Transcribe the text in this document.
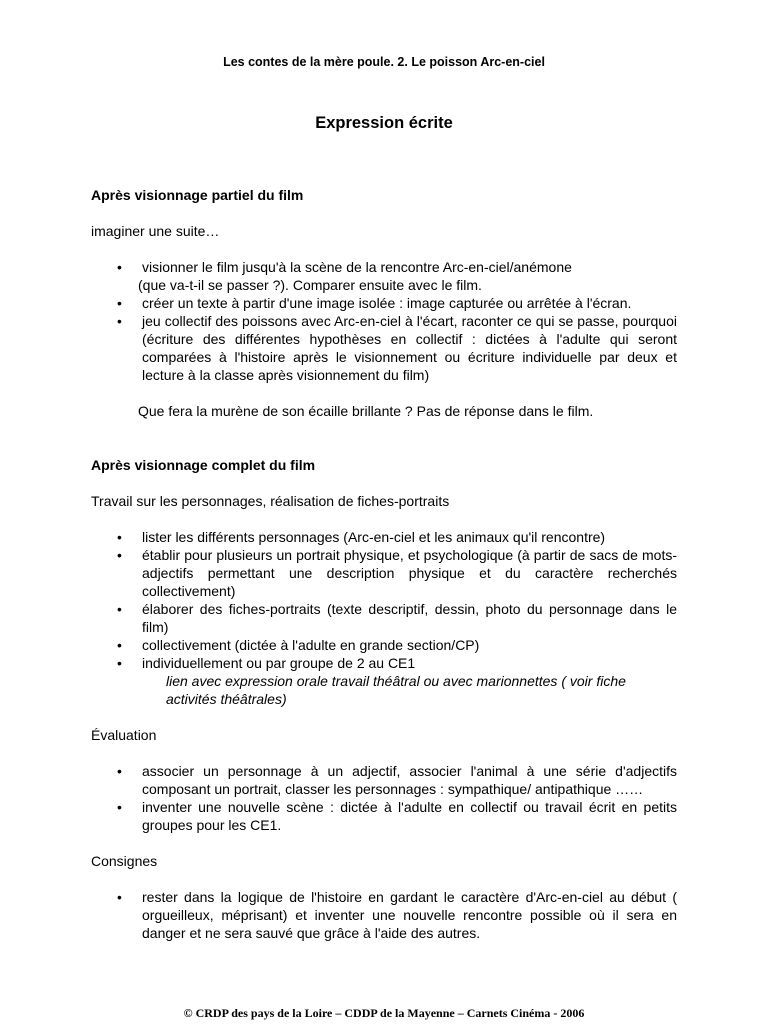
Les contes de la mère poule. 2. Le poisson Arc-en-ciel
Expression écrite

Après visionnage partiel du film

imaginer une suite…

• visionner le film jusqu'à la scène de la rencontre Arc-en-ciel/anémone
(que va-t-il se passer ?). Comparer ensuite avec le film.
• créer un texte à partir d'une image isolée : image capturée ou arrêtée à l'écran.
• jeu collectif des poissons avec Arc-en-ciel à l'écart, raconter ce qui se passe, pourquoi (écriture des différentes hypothèses en collectif : dictées à l'adulte qui seront comparées à l'histoire après le visionnement ou écriture individuelle par deux et lecture à la classe après visionnement du film)

Que fera la murène de son écaille brillante ? Pas de réponse dans le film.

Après visionnage complet du film

Travail sur les personnages, réalisation de fiches-portraits

• lister les différents personnages (Arc-en-ciel et les animaux qu'il rencontre)
• établir pour plusieurs un portrait physique, et psychologique (à partir de sacs de mots-adjectifs permettant une description physique et du caractère recherchés collectivement)
• élaborer des fiches-portraits (texte descriptif, dessin, photo du personnage dans le film)
• collectivement (dictée à l'adulte en grande section/CP)
• individuellement ou par groupe de 2 au CE1
lien avec expression orale travail théâtral ou avec marionnettes ( voir fiche activités théâtrales)

Évaluation

• associer un personnage à un adjectif, associer l'animal à une série d'adjectifs composant un portrait, classer les personnages : sympathique/ antipathique ……
• inventer une nouvelle scène : dictée à l'adulte en collectif ou travail écrit en petits groupes pour les CE1.

Consignes

• rester dans la logique de l'histoire en gardant le caractère d'Arc-en-ciel au début ( orgueilleux, méprisant) et inventer une nouvelle rencontre possible où il sera en danger et ne sera sauvé que grâce à l'aide des autres.
© CRDP des pays de la Loire – CDDP de la Mayenne – Carnets Cinéma - 2006
